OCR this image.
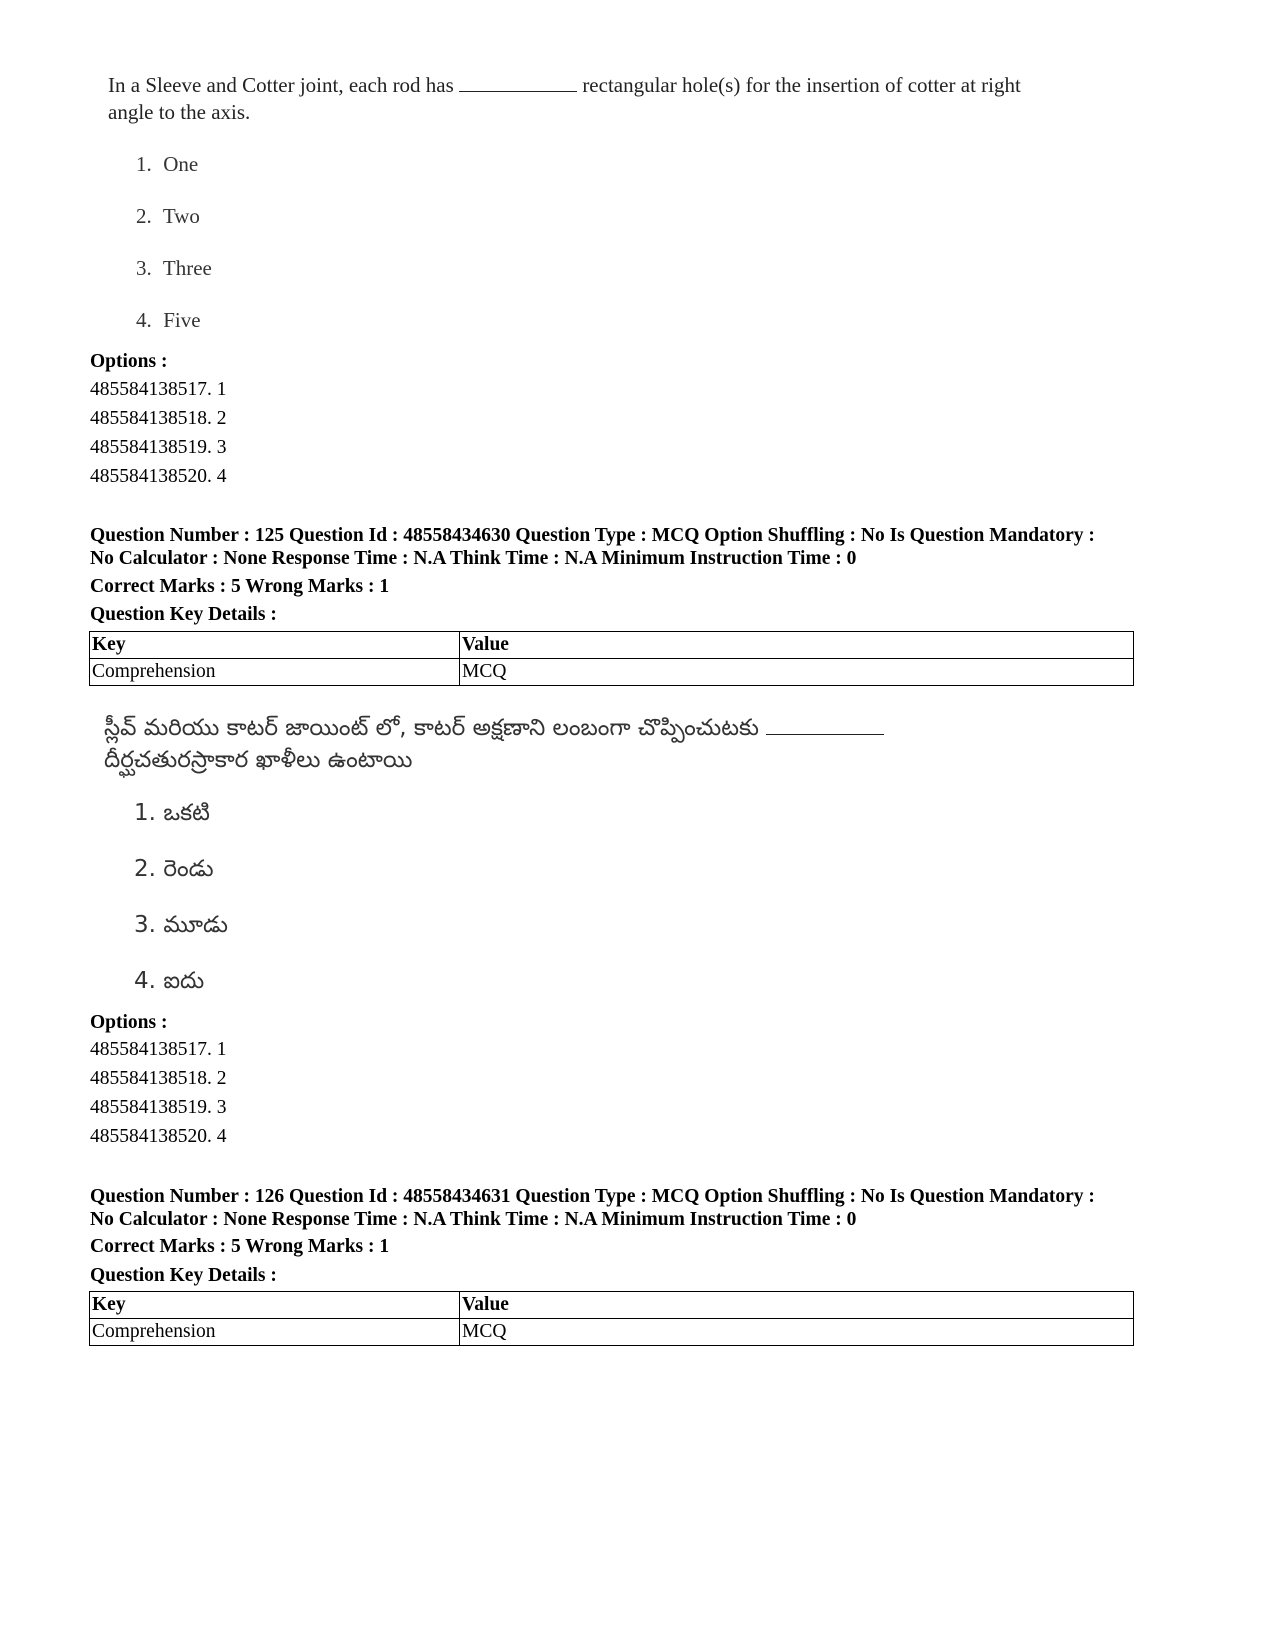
In a Sleeve and Cotter joint, each rod has	rectangular hole(s) for the insertion of cotter at right
angle to the axis.
1. One
2. Two
3. Three
4. Five
Options :
485584138517. 1
485584138518. 2
485584138519. 3
485584138520. 4
Question Number : 125 Question Id : 48558434630 Question Type : MCQ Option Shuffling : No Is Question Mandatory :
No Calculator : None Response Time : N.A Think Time : N.A Minimum Instruction Time : 0
Correct Marks : 5 Wrong Marks : 1
Question Key Details :
Key	Value
Comprehension	MCQ
స్లీవ్ మరియు కాటర్ జాయింట్ లో, కాటర్ అక్షణాని లంబంగా చొప్పించుటకు
దీర్ఘచతురస్రాకార ఖాళీలు ఉంటాయి
1. ఒకటి
2. రెండు
3. మూడు
4. ఐదు
Options :
485584138517. 1
485584138518. 2
485584138519. 3
485584138520. 4
Question Number : 126 Question Id : 48558434631 Question Type : MCQ Option Shuffling : No Is Question Mandatory :
No Calculator : None Response Time : N.A Think Time : N.A Minimum Instruction Time : 0
Correct Marks : 5 Wrong Marks : 1
Question Key Details :
Key	Value
Comprehension	MCQ
